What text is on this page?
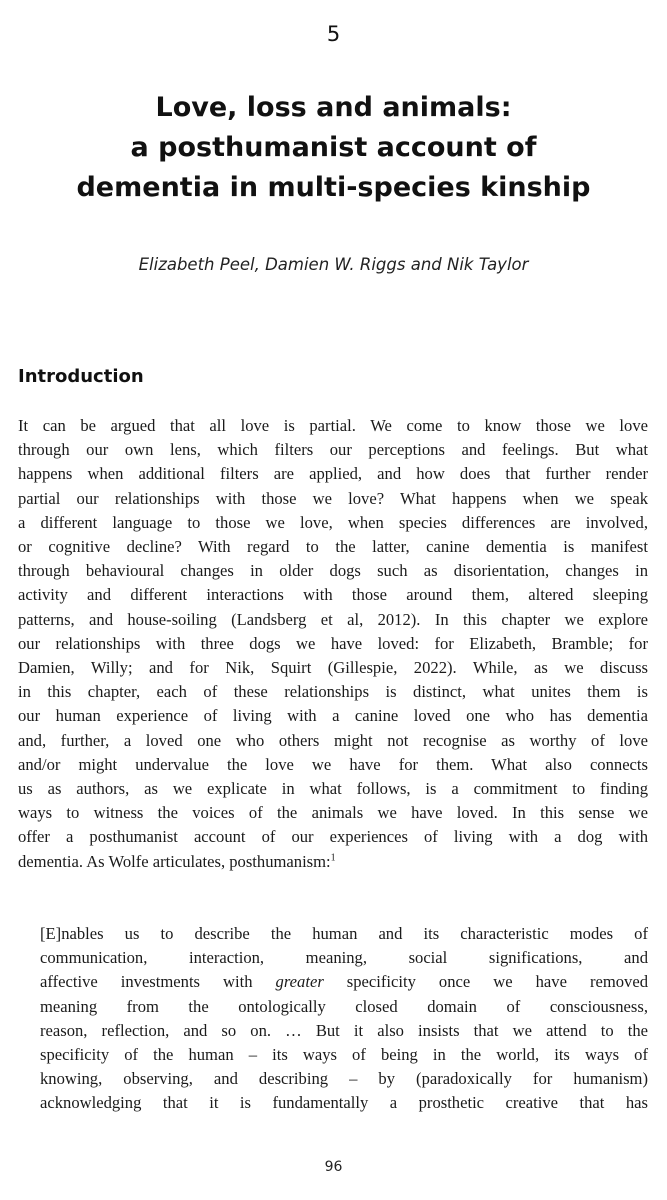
5
Love, loss and animals:
a posthumanist account of
dementia in multi-species kinship
Elizabeth Peel, Damien W. Riggs and Nik Taylor
Introduction

It can be argued that all love is partial. We come to know those we love
through our own lens, which filters our perceptions and feelings. But what
happens when additional filters are applied, and how does that further render
partial our relationships with those we love? What happens when we speak
a different language to those we love, when species differences are involved,
or cognitive decline? With regard to the latter, canine dementia is manifest
through behavioural changes in older dogs such as disorientation, changes in
activity and different interactions with those around them, altered sleeping
patterns, and house-soiling (Landsberg et al, 2012). In this chapter we explore
our relationships with three dogs we have loved: for Elizabeth, Bramble; for
Damien, Willy; and for Nik, Squirt (Gillespie, 2022). While, as we discuss
in this chapter, each of these relationships is distinct, what unites them is
our human experience of living with a canine loved one who has dementia
and, further, a loved one who others might not recognise as worthy of love
and/or might undervalue the love we have for them. What also connects
us as authors, as we explicate in what follows, is a commitment to finding
ways to witness the voices of the animals we have loved. In this sense we
offer a posthumanist account of our experiences of living with a dog with
dementia. As Wolfe articulates, posthumanism:$^1$

[E]nables us to describe the human and its characteristic modes of
communication, interaction, meaning, social significations, and
affective investments with greater specificity once we have removed
meaning from the ontologically closed domain of consciousness,
reason, reflection, and so on. … But it also insists that we attend to the
specificity of the human – its ways of being in the world, its ways of
knowing, observing, and describing – by (paradoxically for humanism)
acknowledging that it is fundamentally a prosthetic creative that has
96
